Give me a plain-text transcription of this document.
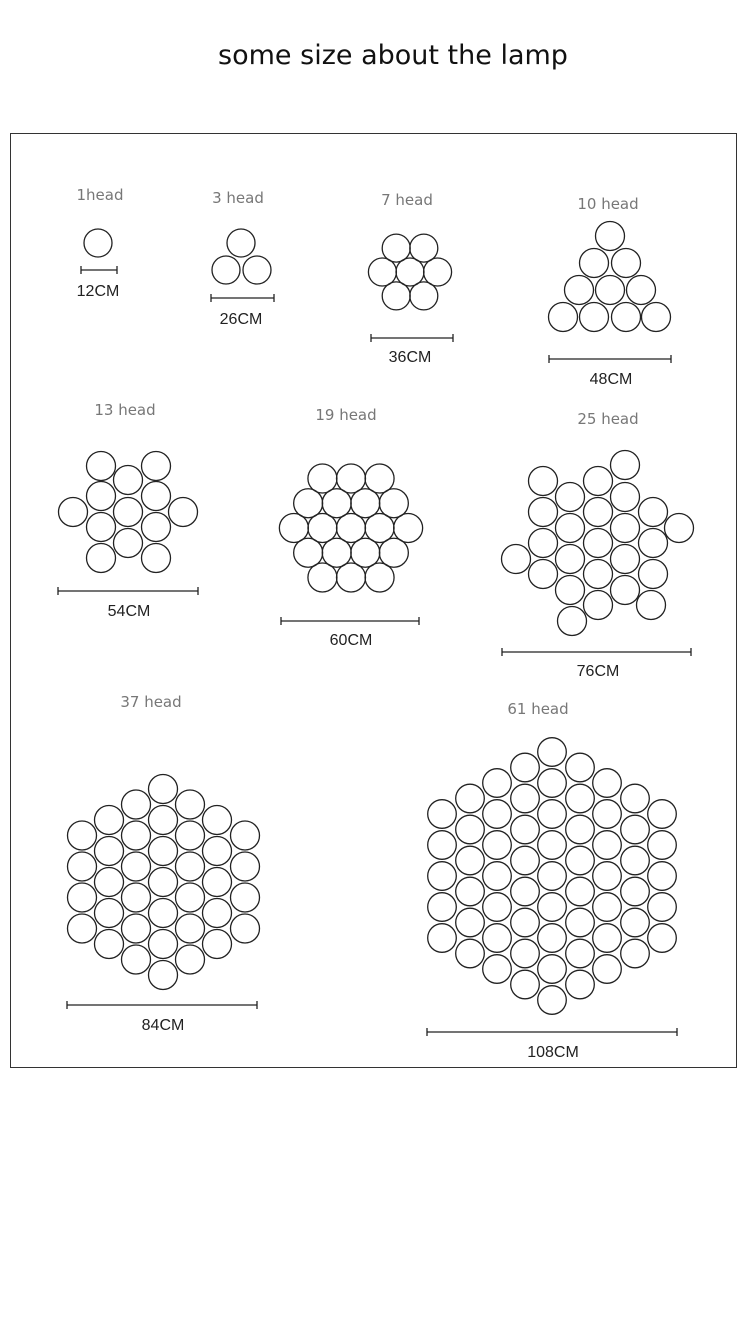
some size about the lamp
1head
12CM
3 head
26CM
7 head
36CM
10 head
48CM
13 head
54CM
19 head
60CM
25 head
76CM
37 head
84CM
61 head
108CM
